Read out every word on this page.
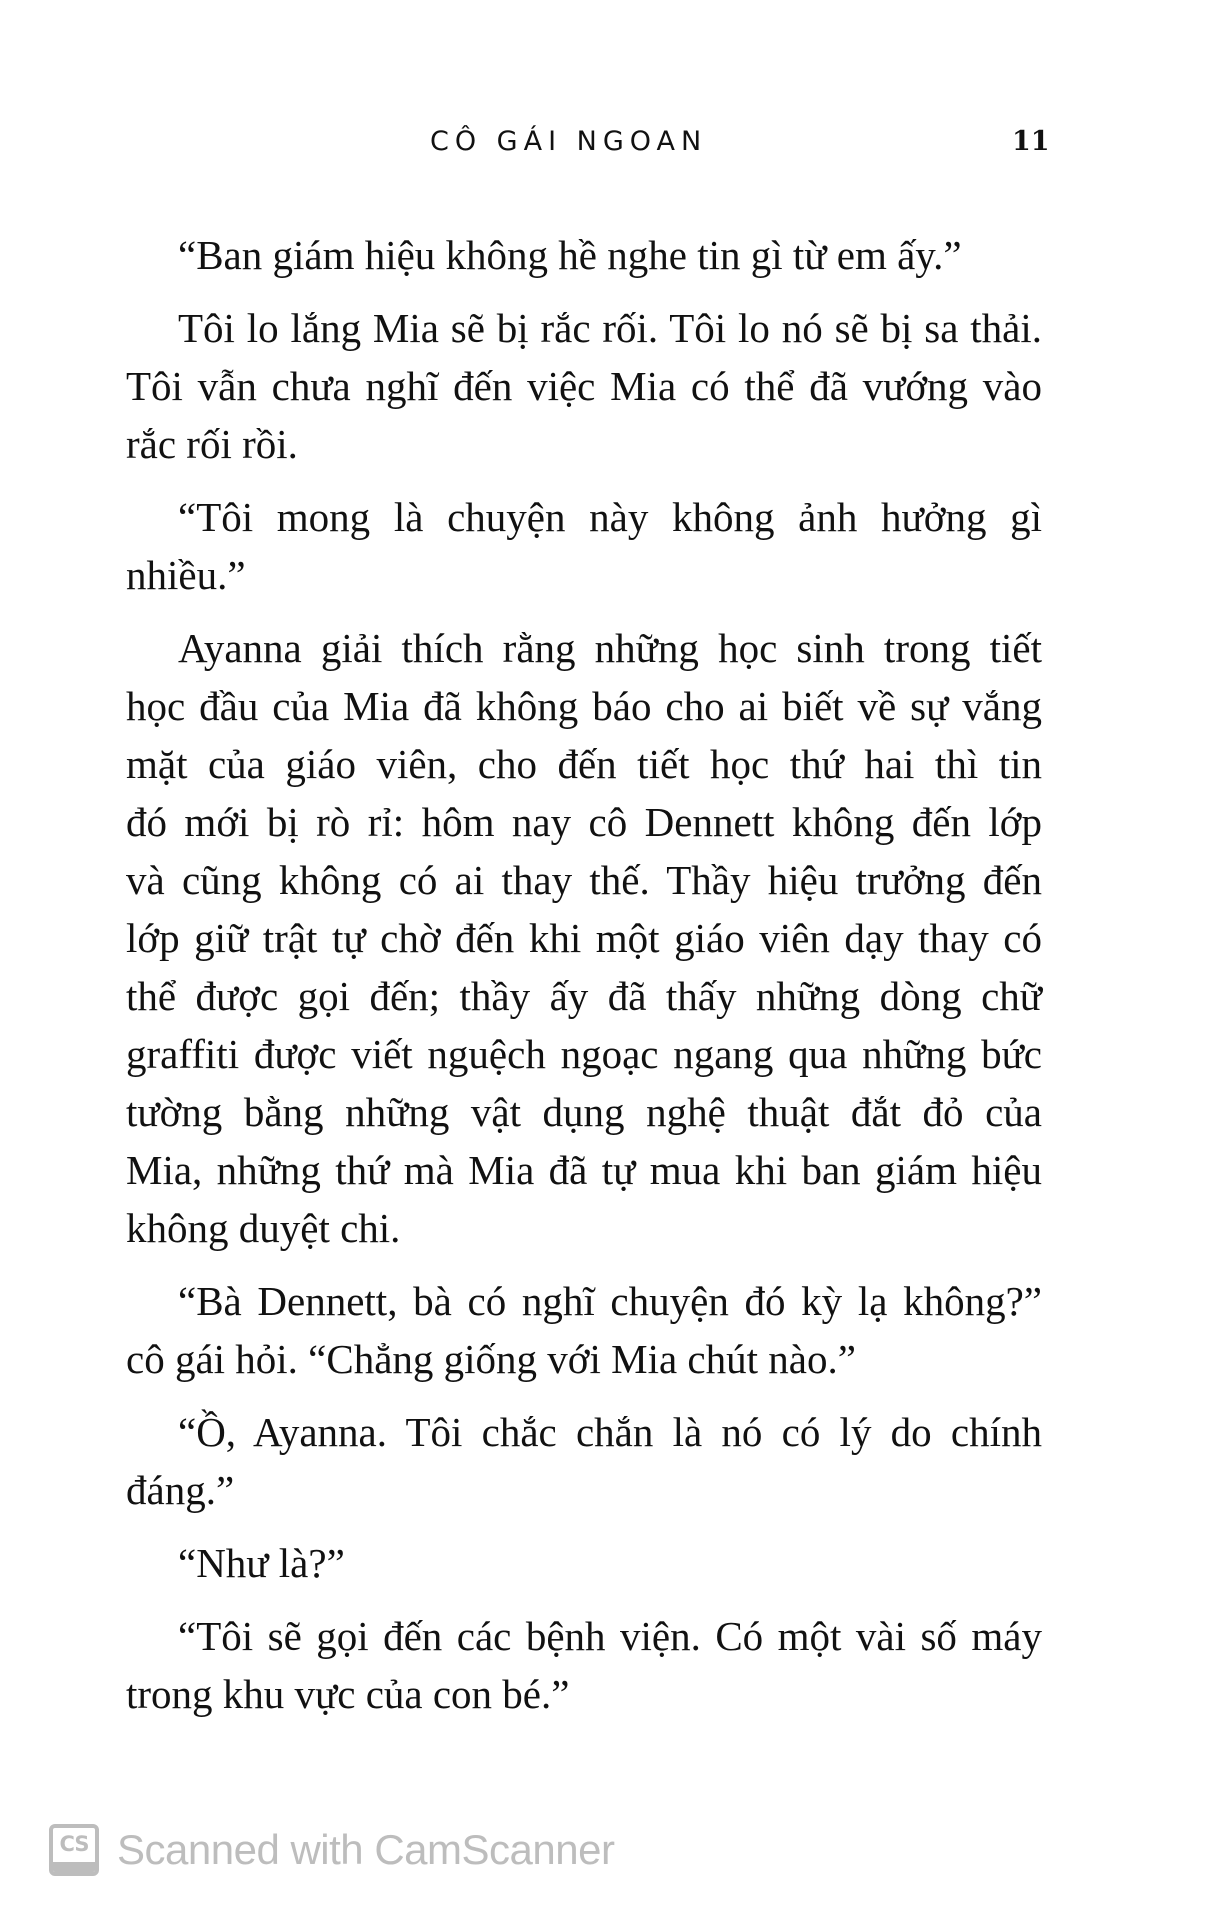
CÔ GÁI NGOAN	11

“Ban giám hiệu không hề nghe tin gì từ em ấy.”

Tôi lo lắng Mia sẽ bị rắc rối. Tôi lo nó sẽ bị sa thải.
Tôi vẫn chưa nghĩ đến việc Mia có thể đã vướng vào
rắc rối rồi.

“Tôi mong là chuyện này không ảnh hưởng gì
nhiều.”

Ayanna giải thích rằng những học sinh trong tiết
học đầu của Mia đã không báo cho ai biết về sự vắng
mặt của giáo viên, cho đến tiết học thứ hai thì tin
đó mới bị rò rỉ: hôm nay cô Dennett không đến lớp
và cũng không có ai thay thế. Thầy hiệu trưởng đến
lớp giữ trật tự chờ đến khi một giáo viên dạy thay có
thể được gọi đến; thầy ấy đã thấy những dòng chữ
graffiti được viết nguệch ngoạc ngang qua những bức
tường bằng những vật dụng nghệ thuật đắt đỏ của
Mia, những thứ mà Mia đã tự mua khi ban giám hiệu
không duyệt chi.

“Bà Dennett, bà có nghĩ chuyện đó kỳ lạ không?”
cô gái hỏi. “Chẳng giống với Mia chút nào.”

“Ồ, Ayanna. Tôi chắc chắn là nó có lý do chính
đáng.”

“Như là?”

“Tôi sẽ gọi đến các bệnh viện. Có một vài số máy
trong khu vực của con bé.”

CS Scanned with CamScanner
